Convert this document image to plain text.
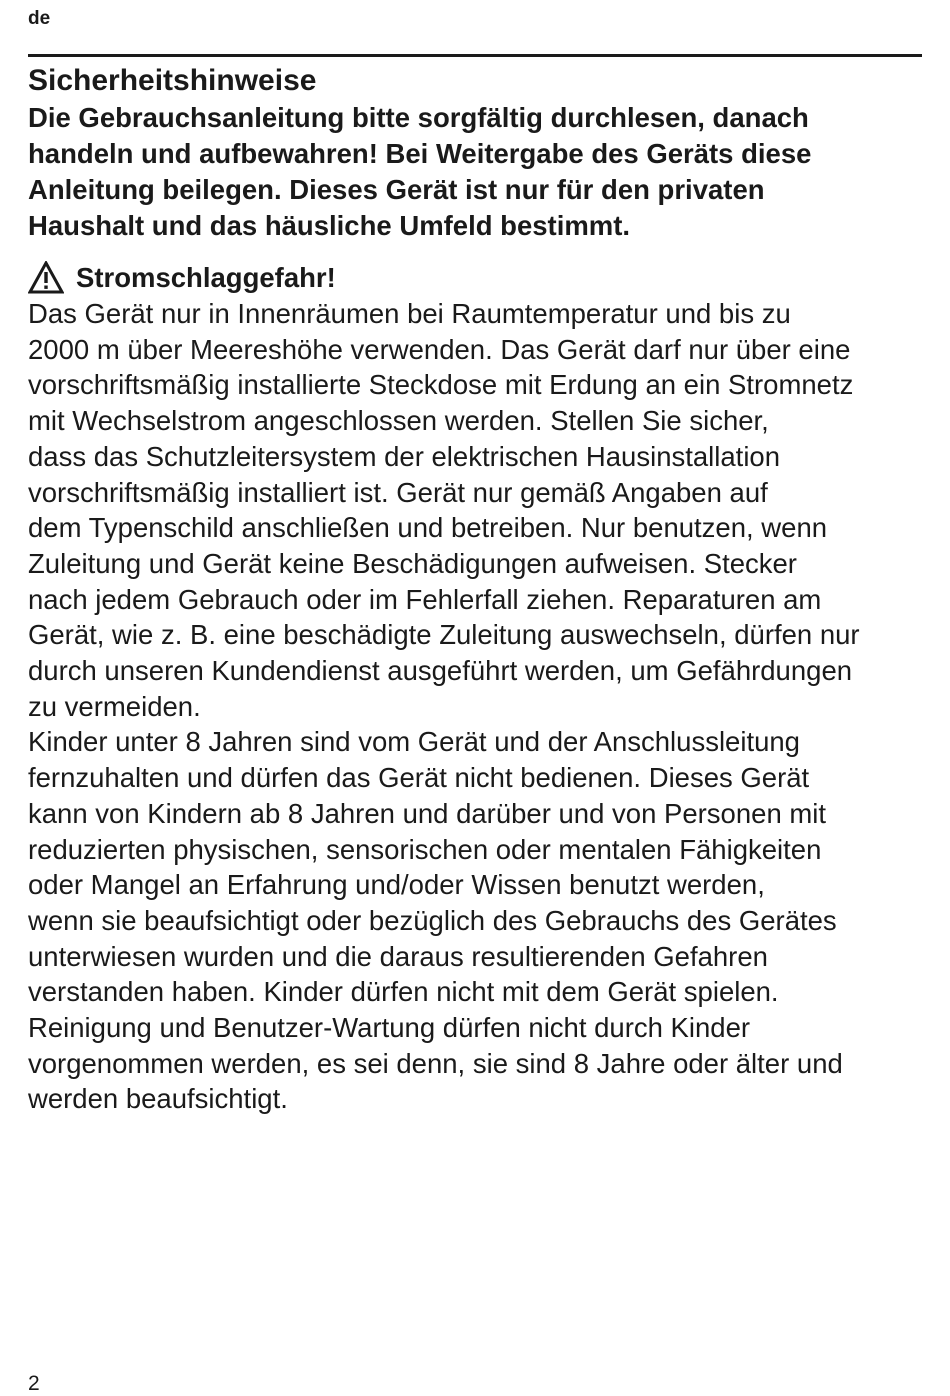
de
Sicherheitshinweise

Die Gebrauchsanleitung bitte sorgfältig durchlesen, danach

handeln und aufbewahren! Bei Weitergabe des Geräts diese

Anleitung beilegen. Dieses Gerät ist nur für den privaten

Haushalt und das häusliche Umfeld bestimmt.

Stromschlaggefahr!

Das Gerät nur in Innenräumen bei Raumtemperatur und bis zu

2000 m über Meereshöhe verwenden. Das Gerät darf nur über eine

vorschriftsmäßig installierte Steckdose mit Erdung an ein Stromnetz

mit Wechselstrom angeschlossen werden. Stellen Sie sicher,

dass das Schutzleitersystem der elektrischen Hausinstallation

vorschriftsmäßig installiert ist. Gerät nur gemäß Angaben auf

dem Typenschild anschließen und betreiben. Nur benutzen, wenn

Zuleitung und Gerät keine Beschädigungen aufweisen. Stecker

nach jedem Gebrauch oder im Fehlerfall ziehen. Reparaturen am

Gerät, wie z. B. eine beschädigte Zuleitung auswechseln, dürfen nur

durch unseren Kundendienst ausgeführt werden, um Gefährdungen

zu vermeiden.

Kinder unter 8 Jahren sind vom Gerät und der Anschlussleitung

fernzuhalten und dürfen das Gerät nicht bedienen. Dieses Gerät

kann von Kindern ab 8 Jahren und darüber und von Personen mit

reduzierten physischen, sensorischen oder mentalen Fähigkeiten

oder Mangel an Erfahrung und/oder Wissen benutzt werden,

wenn sie beaufsichtigt oder bezüglich des Gebrauchs des Gerätes

unterwiesen wurden und die daraus resultierenden Gefahren

verstanden haben. Kinder dürfen nicht mit dem Gerät spielen.

Reinigung und Benutzer-Wartung dürfen nicht durch Kinder

vorgenommen werden, es sei denn, sie sind 8 Jahre oder älter und

werden beaufsichtigt.

2
